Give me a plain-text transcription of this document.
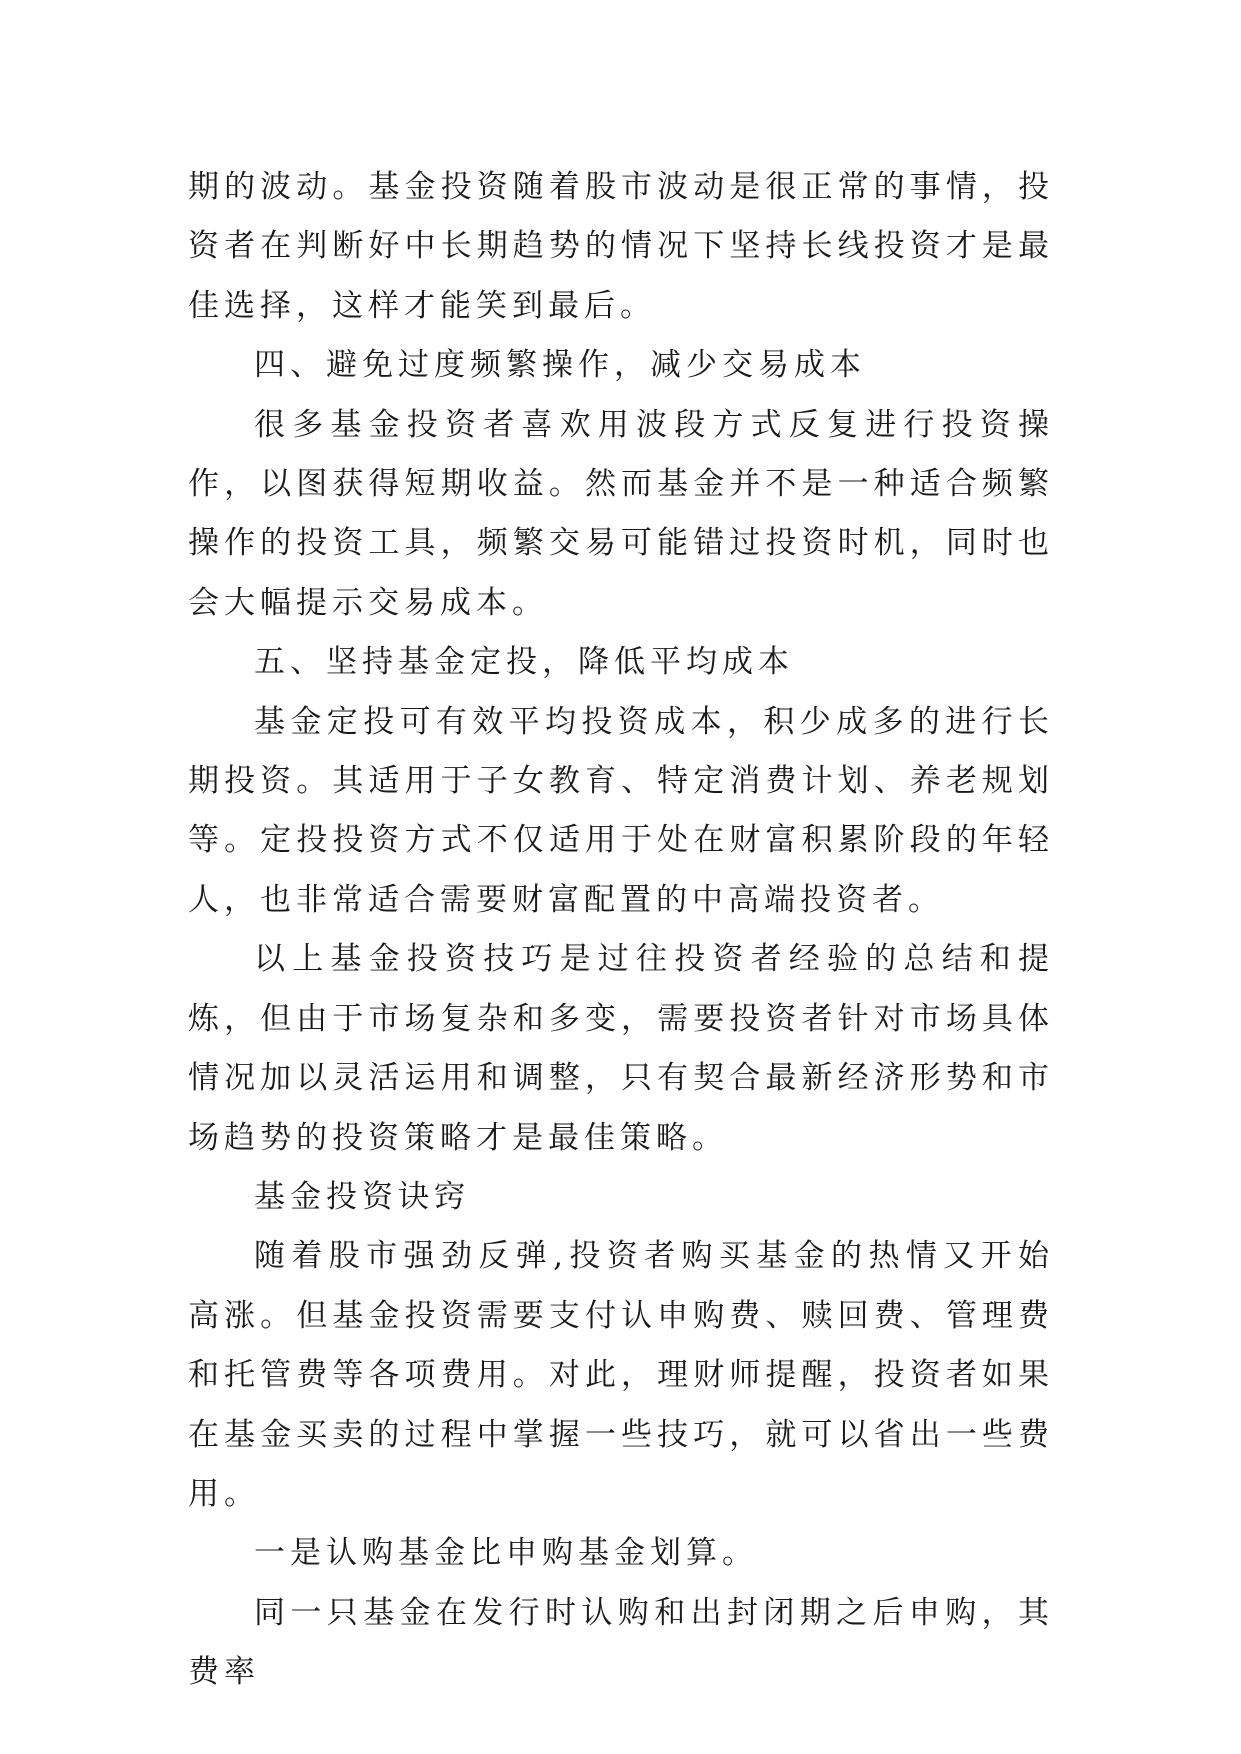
期的波动。基金投资随着股市波动是很正常的事情，投资者在判断好中长期趋势的情况下坚持长线投资才是最佳选择，这样才能笑到最后。

四、避免过度频繁操作，减少交易成本

很多基金投资者喜欢用波段方式反复进行投资操作，以图获得短期收益。然而基金并不是一种适合频繁操作的投资工具，频繁交易可能错过投资时机，同时也会大幅提示交易成本。

五、坚持基金定投，降低平均成本

基金定投可有效平均投资成本，积少成多的进行长期投资。其适用于子女教育、特定消费计划、养老规划等。定投投资方式不仅适用于处在财富积累阶段的年轻人，也非常适合需要财富配置的中高端投资者。

以上基金投资技巧是过往投资者经验的总结和提炼，但由于市场复杂和多变，需要投资者针对市场具体情况加以灵活运用和调整，只有契合最新经济形势和市场趋势的投资策略才是最佳策略。

基金投资诀窍

随着股市强劲反弹,投资者购买基金的热情又开始高涨。但基金投资需要支付认申购费、赎回费、管理费和托管费等各项费用。对此，理财师提醒，投资者如果在基金买卖的过程中掌握一些技巧，就可以省出一些费用。

一是认购基金比申购基金划算。

同一只基金在发行时认购和出封闭期之后申购，其费率
